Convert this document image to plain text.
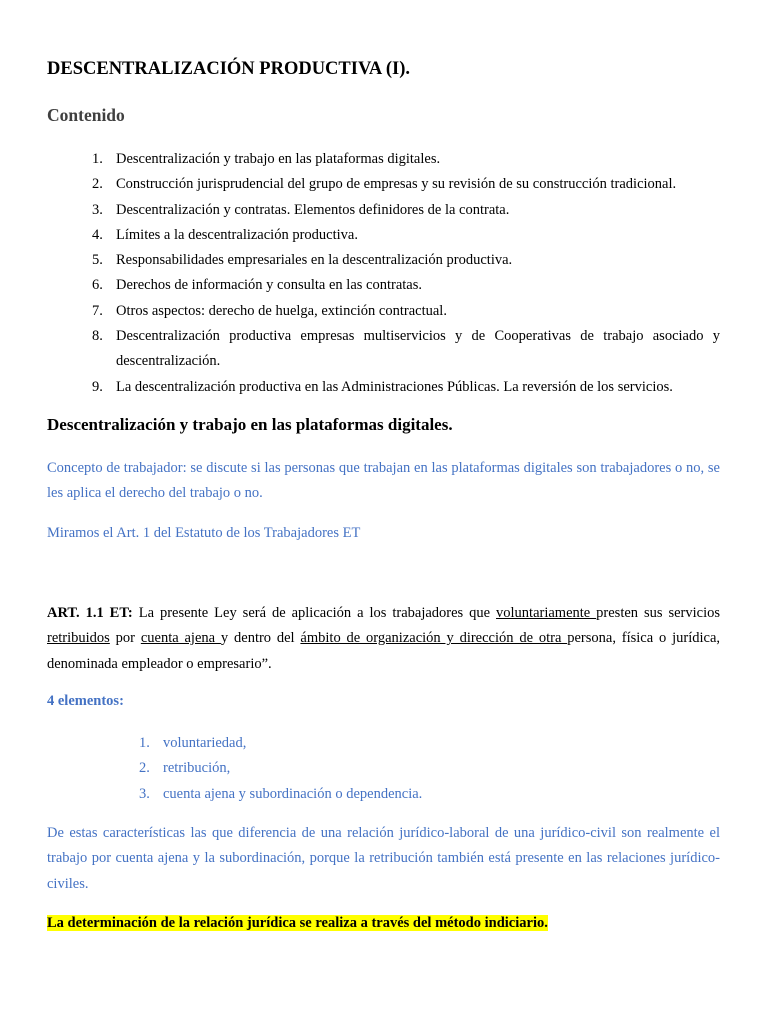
DESCENTRALIZACIÓN PRODUCTIVA (I).
Contenido
1. Descentralización y trabajo en las plataformas digitales.
2. Construcción jurisprudencial del grupo de empresas y su revisión de su construcción tradicional.
3. Descentralización y contratas. Elementos definidores de la contrata.
4. Límites a la descentralización productiva.
5. Responsabilidades empresariales en la descentralización productiva.
6. Derechos de información y consulta en las contratas.
7. Otros aspectos: derecho de huelga, extinción contractual.
8. Descentralización productiva empresas multiservicios y de Cooperativas de trabajo asociado y descentralización.
9. La descentralización productiva en las Administraciones Públicas. La reversión de los servicios.
Descentralización y trabajo en las plataformas digitales.

Concepto de trabajador: se discute si las personas que trabajan en las plataformas digitales son trabajadores o no, se les aplica el derecho del trabajo o no.

Miramos el Art. 1 del Estatuto de los Trabajadores ET

ART. 1.1 ET: La presente Ley será de aplicación a los trabajadores que voluntariamente presten sus servicios retribuidos por cuenta ajena y dentro del ámbito de organización y dirección de otra persona, física o jurídica, denominada empleador o empresario”.

4 elementos:

1. voluntariedad,
2. retribución,
3. cuenta ajena y subordinación o dependencia.

De estas características las que diferencia de una relación jurídico-laboral de una jurídico-civil son realmente el trabajo por cuenta ajena y la subordinación, porque la retribución también está presente en las relaciones jurídico-civiles.

La determinación de la relación jurídica se realiza a través del método indiciario.
